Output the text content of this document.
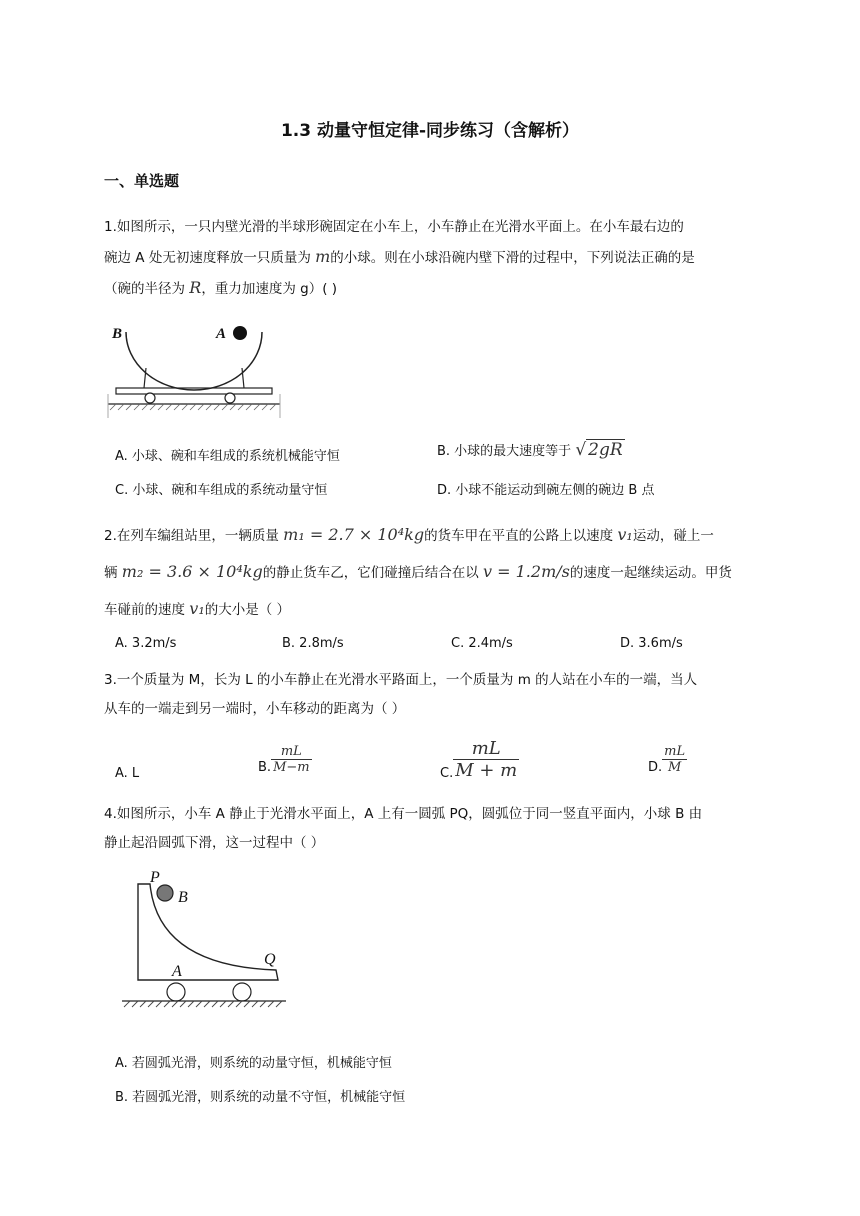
1.3 动量守恒定律-同步练习（含解析）
一、单选题
1.如图所示，一只内壁光滑的半球形碗固定在小车上，小车静止在光滑水平面上。在小车最右边的
碗边 A 处无初速度释放一只质量为 m的小球。则在小球沿碗内壁下滑的过程中，下列说法正确的是
（碗的半径为 R，重力加速度为 g）( )
B	A
A. 小球、碗和车组成的系统机械能守恒	B. 小球的最大速度等于 √ 2gR
C. 小球、碗和车组成的系统动量守恒	D. 小球不能运动到碗左侧的碗边 B 点
2.在列车编组站里，一辆质量 m₁ = 2.7 × 10⁴kg的货车甲在平直的公路上以速度 v₁运动，碰上一
辆 m₂ = 3.6 × 10⁴kg的静止货车乙，它们碰撞后结合在以 v = 1.2m/s的速度一起继续运动。甲货
车碰前的速度 v₁的大小是（ ）
A. 3.2m/s	B. 2.8m/s	C. 2.4m/s	D. 3.6m/s
3.一个质量为 M，长为 L 的小车静止在光滑水平路面上，一个质量为 m 的人站在小车的一端，当人
从车的一端走到另一端时，小车移动的距离为（ ）
A. L	B. $\frac{mL}{M-m}$	C. $\frac{mL}{M + m}$	D. $\frac{mL}{M}$
4.如图所示，小车 A 静止于光滑水平面上，A 上有一圆弧 PQ，圆弧位于同一竖直平面内，小球 B 由
静止起沿圆弧下滑，这一过程中（ ）
P
B
A
Q
A. 若圆弧光滑，则系统的动量守恒，机械能守恒
B. 若圆弧光滑，则系统的动量不守恒，机械能守恒
